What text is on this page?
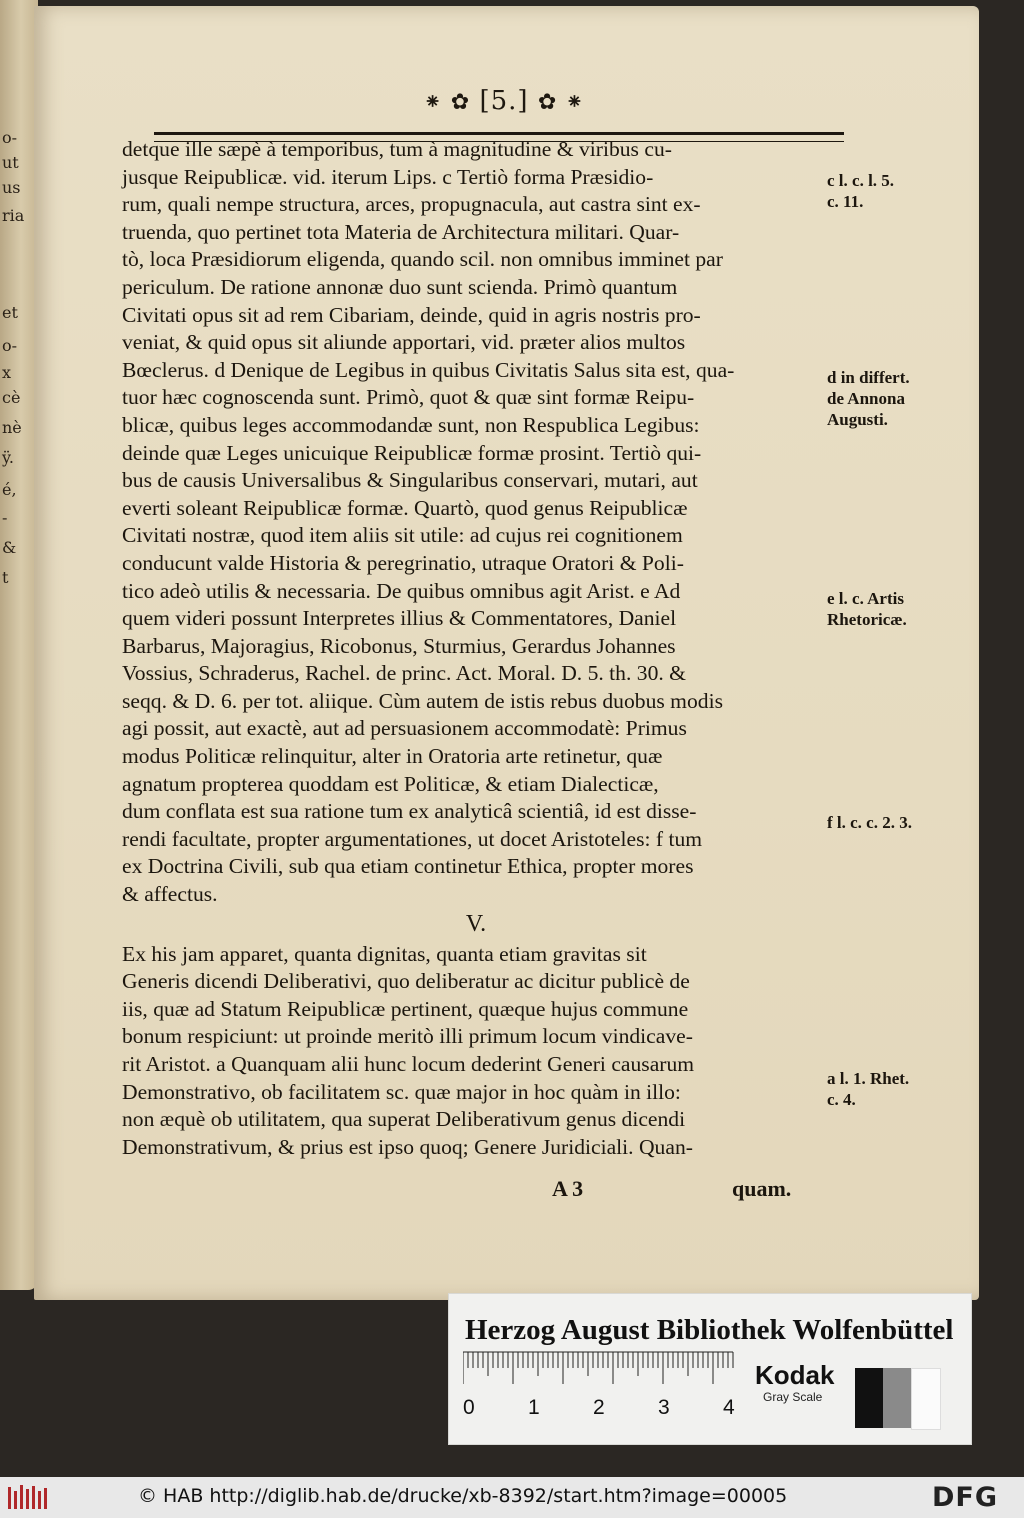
o-
ut
us
ria
et
o-
x
cè
nè
ÿ.
é,
-
&
t
⁕ ✿ [5.] ✿ ⁕
detque ille sæpè à temporibus, tum à magnitudine & viribus cu-
jusque Reipublicæ. vid. iterum Lips. c Tertiò forma Præsidio-
rum, quali nempe structura, arces, propugnacula, aut castra sint ex-
truenda, quo pertinet tota Materia de Architectura militari. Quar-
tò, loca Præsidiorum eligenda, quando scil. non omnibus imminet par
periculum. De ratione annonæ duo sunt scienda. Primò quantum
Civitati opus sit ad rem Cibariam, deinde, quid in agris nostris pro-
veniat, & quid opus sit aliunde apportari, vid. præter alios multos
Bœclerus. d Denique de Legibus in quibus Civitatis Salus sita est, qua-
tuor hæc cognoscenda sunt. Primò, quot & quæ sint formæ Reipu-
blicæ, quibus leges accommodandæ sunt, non Respublica Legibus:
deinde quæ Leges unicuique Reipublicæ formæ prosint. Tertiò qui-
bus de causis Universalibus & Singularibus conservari, mutari, aut
everti soleant Reipublicæ formæ. Quartò, quod genus Reipublicæ
Civitati nostræ, quod item aliis sit utile: ad cujus rei cognitionem
conducunt valde Historia & peregrinatio, utraque Oratori & Poli-
tico adeò utilis & necessaria. De quibus omnibus agit Arist. e Ad
quem videri possunt Interpretes illius & Commentatores, Daniel
Barbarus, Majoragius, Ricobonus, Sturmius, Gerardus Johannes
Vossius, Schraderus, Rachel. de princ. Act. Moral. D. 5. th. 30. &
seqq. & D. 6. per tot. aliique. Cùm autem de istis rebus duobus modis
agi possit, aut exactè, aut ad persuasionem accommodatè: Primus
modus Politicæ relinquitur, alter in Oratoria arte retinetur, quæ
agnatum propterea quoddam est Politicæ, & etiam Dialecticæ,
dum conflata est sua ratione tum ex analyticâ scientiâ, id est disse-
rendi facultate, propter argumentationes, ut docet Aristoteles: f tum
ex Doctrina Civili, sub qua etiam continetur Ethica, propter mores
& affectus.
V.
Ex his jam apparet, quanta dignitas, quanta etiam gravitas sit
Generis dicendi Deliberativi, quo deliberatur ac dicitur publicè de
iis, quæ ad Statum Reipublicæ pertinent, quæque hujus commune
bonum respiciunt: ut proinde meritò illi primum locum vindicave-
rit Aristot. a Quanquam alii hunc locum dederint Generi causarum
Demonstrativo, ob facilitatem sc. quæ major in hoc quàm in illo:
non æquè ob utilitatem, qua superat Deliberativum genus dicendi
Demonstrativum, & prius est ipso quoq; Genere Juridiciali. Quan-
A 3	quam.
c l. c. l. 5.
c. 11.
d in differt.
de Annona
Augusti.
e l. c. Artis
Rhetoricæ.
f l. c. c. 2. 3.
a l. 1. Rhet.
c. 4.
Herzog August Bibliothek Wolfenbüttel
0	1	2	3	4
Kodak
Gray Scale
© HAB http://diglib.hab.de/drucke/xb-8392/start.htm?image=00005	DFG
